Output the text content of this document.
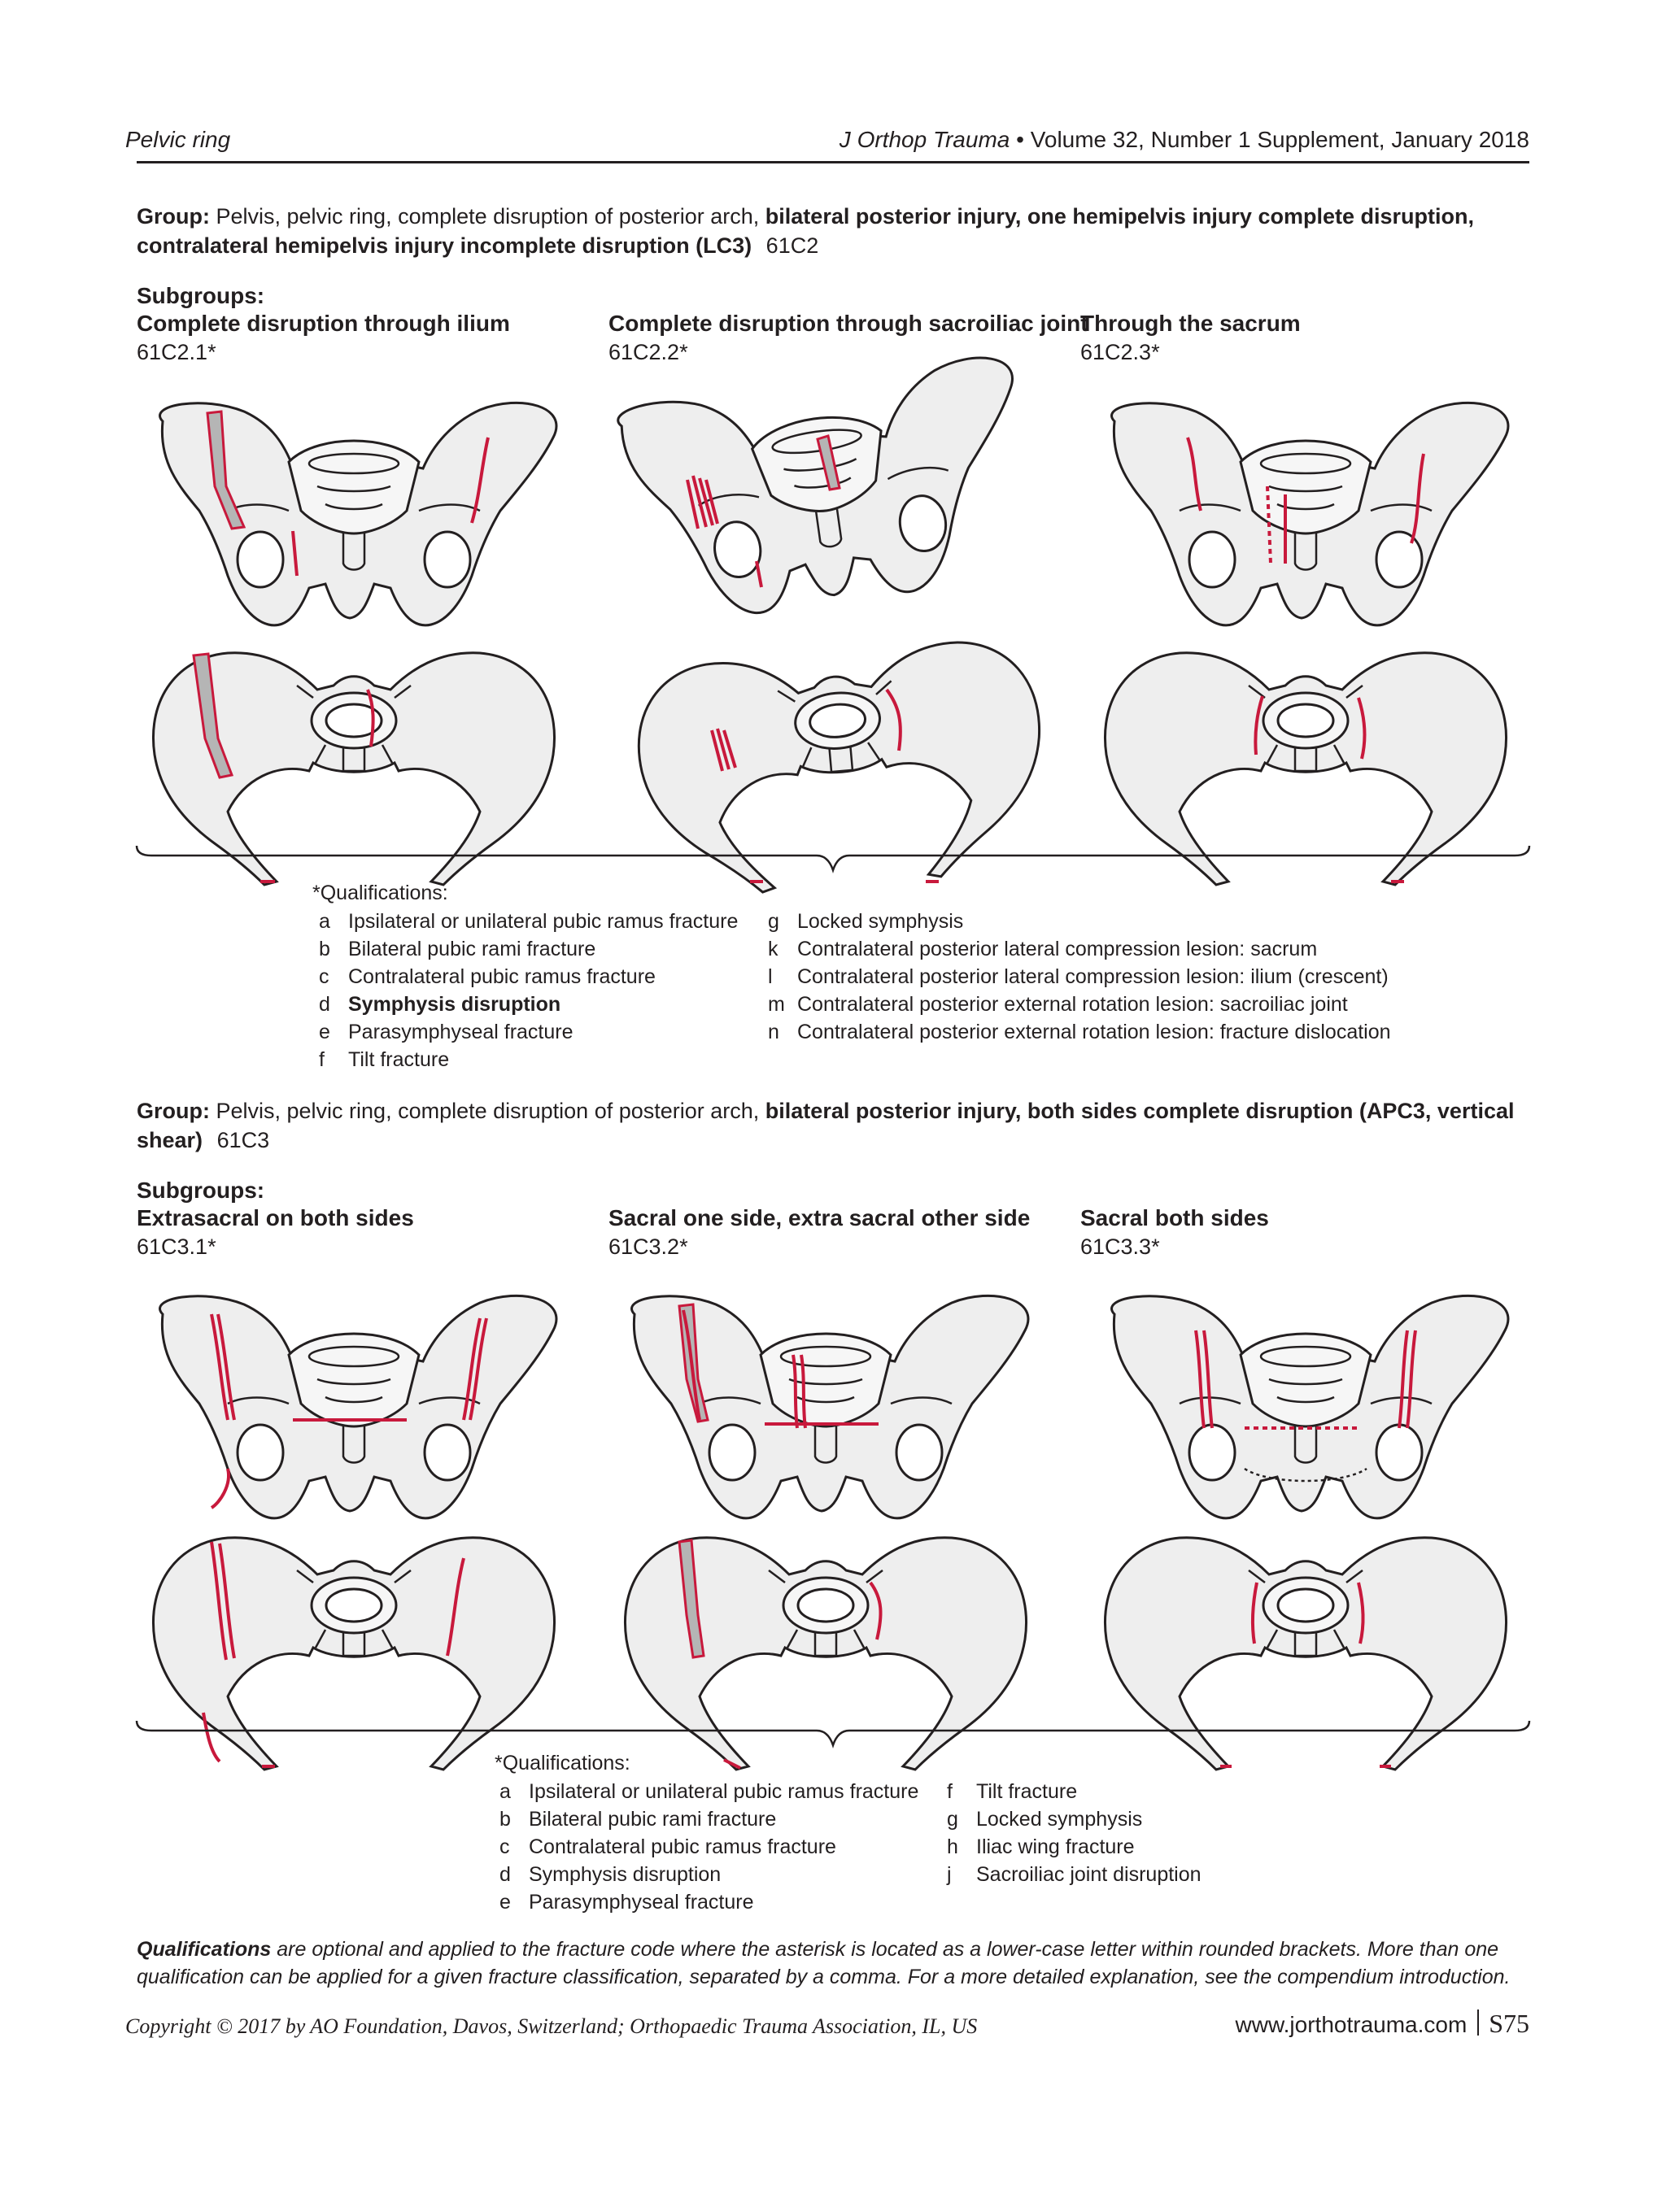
Pelvic ring	J Orthop Trauma • Volume 32, Number 1 Supplement, January 2018
Group: Pelvis, pelvic ring, complete disruption of posterior arch, bilateral posterior injury, one hemipelvis injury complete disruption, contralateral hemipelvis injury incomplete disruption (LC3) 61C2
Subgroups:
Complete disruption through ilium
61C2.1*
Complete disruption through sacroiliac joint
61C2.2*
Through the sacrum
61C2.3*
*Qualifications:
a Ipsilateral or unilateral pubic ramus fracture
b Bilateral pubic rami fracture
c Contralateral pubic ramus fracture
d Symphysis disruption
e Parasymphyseal fracture
f Tilt fracture
g Locked symphysis
k Contralateral posterior lateral compression lesion: sacrum
l Contralateral posterior lateral compression lesion: ilium (crescent)
m Contralateral posterior external rotation lesion: sacroiliac joint
n Contralateral posterior external rotation lesion: fracture dislocation
Group: Pelvis, pelvic ring, complete disruption of posterior arch, bilateral posterior injury, both sides complete disruption (APC3, vertical shear) 61C3
Subgroups:
Extrasacral on both sides
61C3.1*
Sacral one side, extra sacral other side
61C3.2*
Sacral both sides
61C3.3*
*Qualifications:
a Ipsilateral or unilateral pubic ramus fracture
b Bilateral pubic rami fracture
c Contralateral pubic ramus fracture
d Symphysis disruption
e Parasymphyseal fracture
f Tilt fracture
g Locked symphysis
h Iliac wing fracture
j Sacroiliac joint disruption
Qualifications are optional and applied to the fracture code where the asterisk is located as a lower-case letter within rounded brackets. More than one qualification can be applied for a given fracture classification, separated by a comma. For a more detailed explanation, see the compendium introduction.
Copyright © 2017 by AO Foundation, Davos, Switzerland; Orthopaedic Trauma Association, IL, US	www.jorthotrauma.com S75
